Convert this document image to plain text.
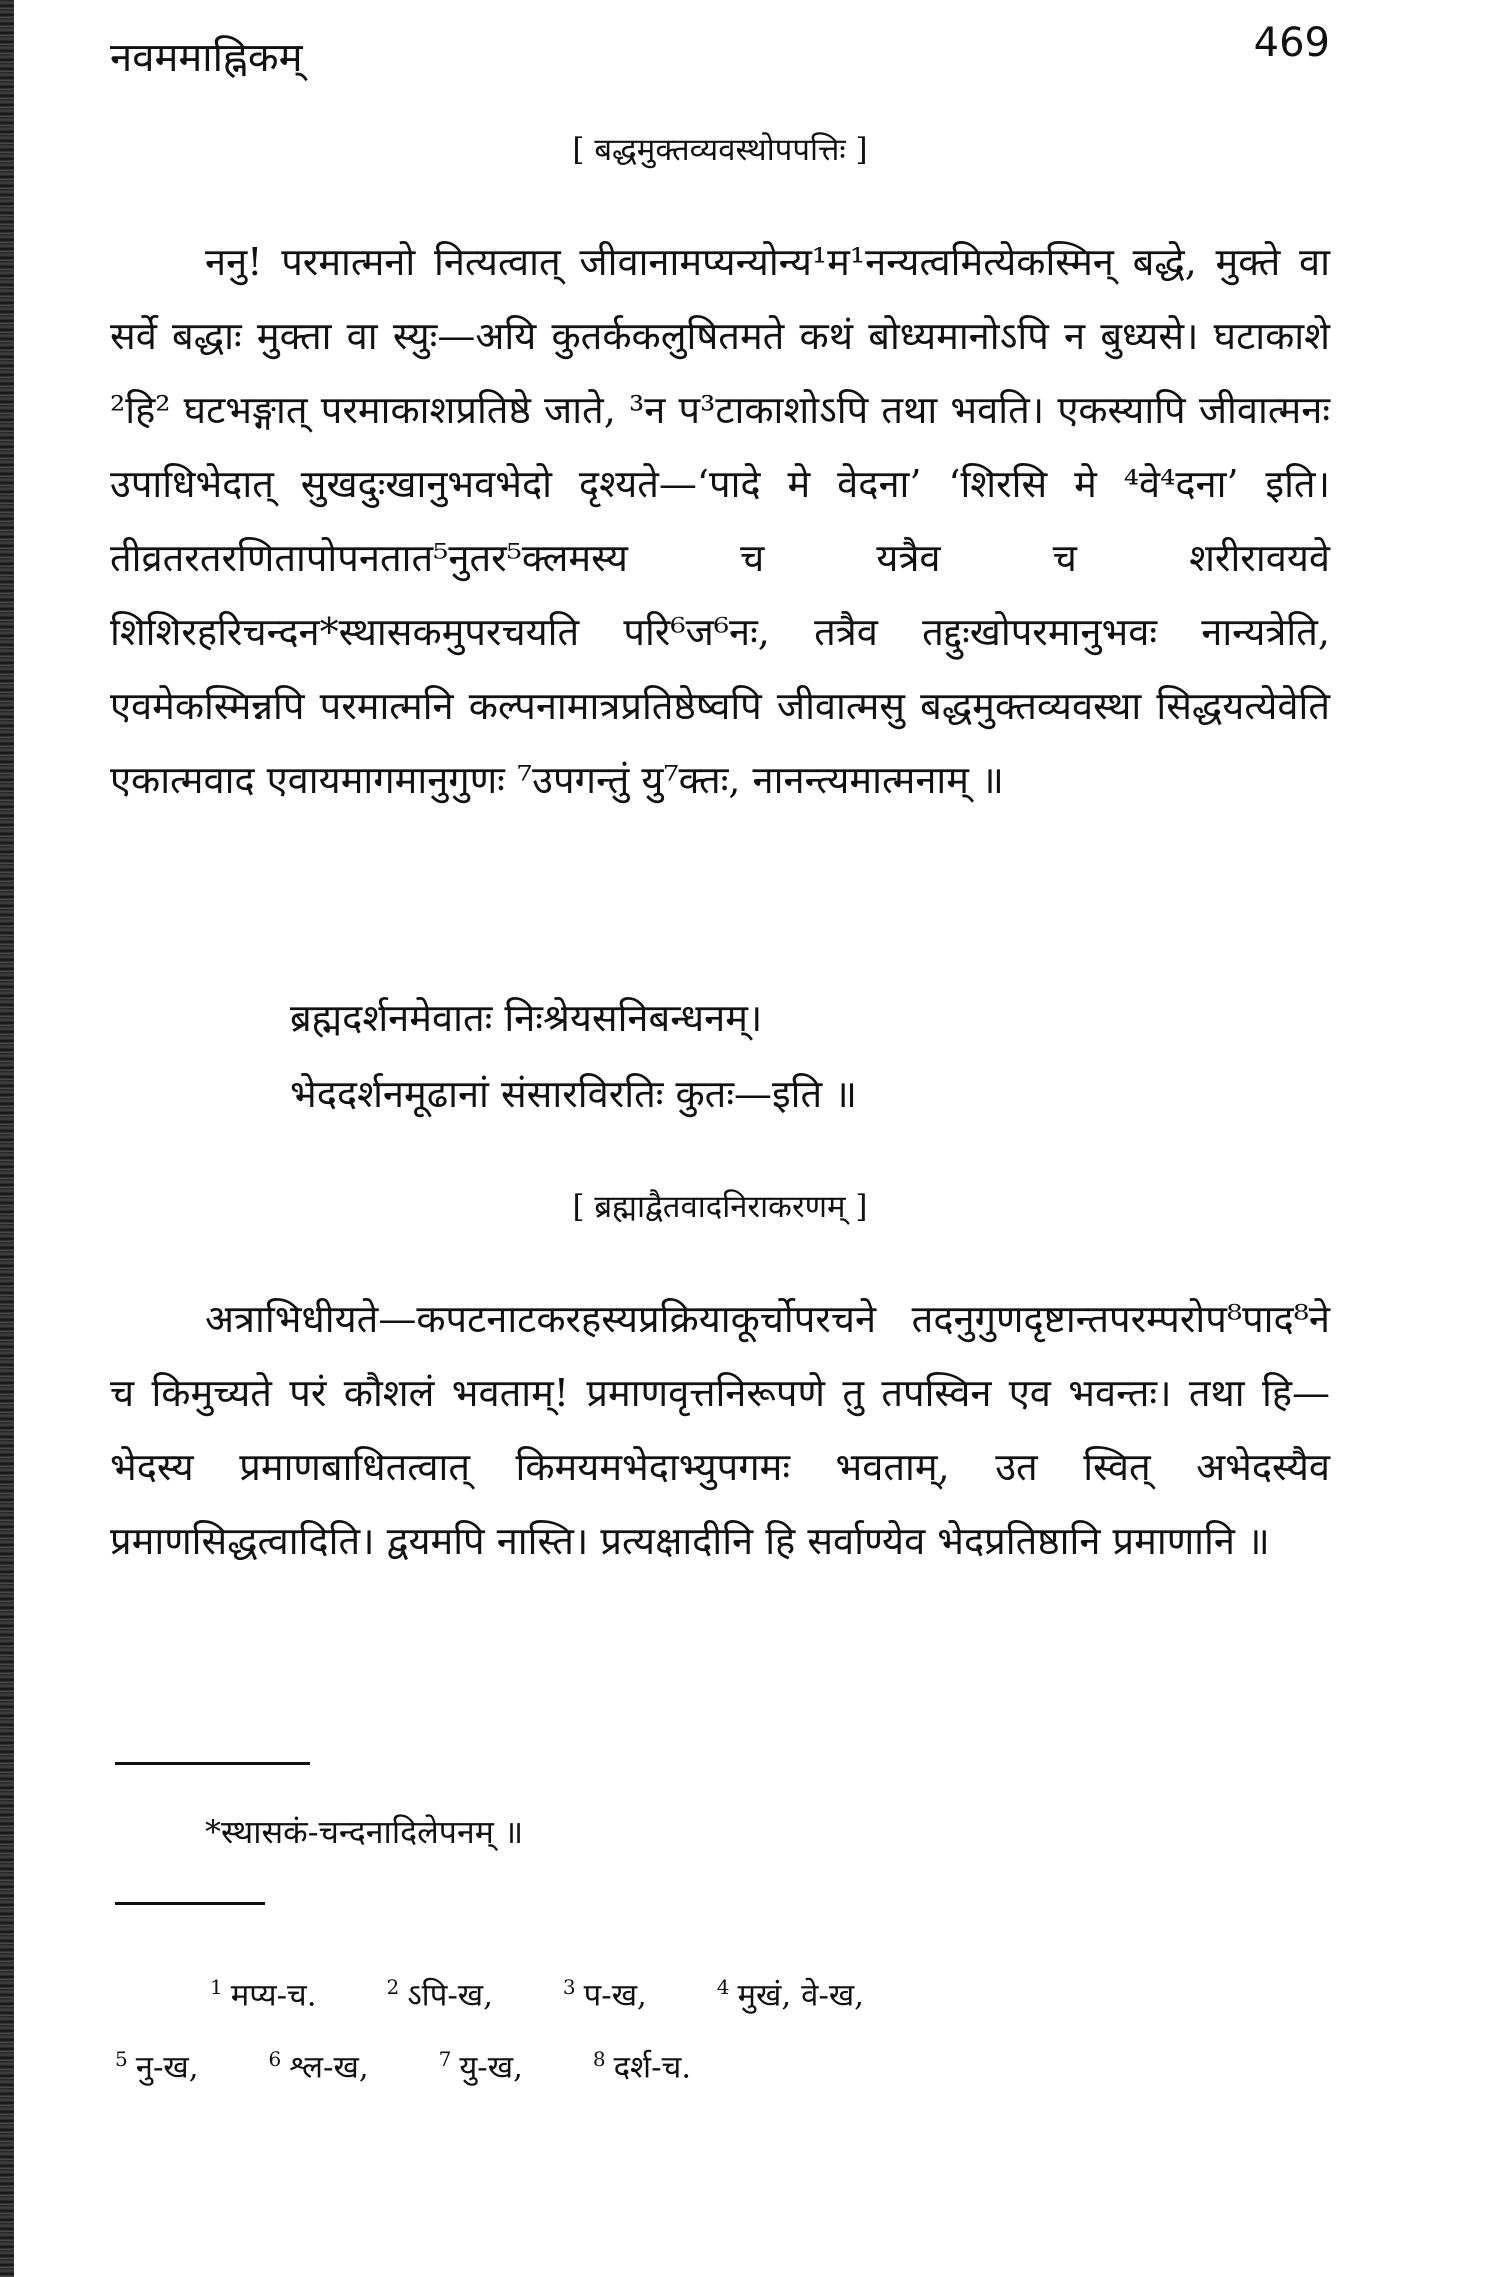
नवममाह्निकम्	469
[ बद्धमुक्तव्यवस्थोपपत्तिः ]

ननु! परमात्मनो नित्यत्वात् जीवानामप्यन्योन्य¹म¹नन्यत्वमित्येकस्मिन् बद्धे, मुक्ते वा सर्वे बद्धाः मुक्ता वा स्युः—अयि कुतर्ककलुषितमते कथं बोध्यमानोऽपि न बुध्यसे। घटाकाशे ²हि² घटभङ्गात् परमाकाशप्रतिष्ठे जाते, ³न प³टाकाशोऽपि तथा भवति। एकस्यापि जीवात्मनः उपाधिभेदात् सुखदुःखानुभवभेदो दृश्यते—‘पादे मे वेदना’ ‘शिरसि मे ⁴वे⁴दना’ इति। तीव्रतरतरणितापोपनतात⁵नुतर⁵क्लमस्य च यत्रैव च शरीरावयवे शिशिरहरिचन्दन*स्थासकमुपरचयति परि⁶ज⁶नः, तत्रैव तद्दुःखोपरमानुभवः नान्यत्रेति, एवमेकस्मिन्नपि परमात्मनि कल्पनामात्रप्रतिष्ठेष्वपि जीवात्मसु बद्धमुक्तव्यवस्था सिद्धयत्येवेति एकात्मवाद एवायमागमानुगुणः ⁷उपगन्तुं यु⁷क्तः, नानन्त्यमात्मनाम् ॥

ब्रह्मदर्शनमेवातः निःश्रेयसनिबन्धनम्।
भेददर्शनमूढानां संसारविरतिः कुतः—इति ॥
[ ब्रह्माद्वैतवादनिराकरणम् ]

अत्राभिधीयते—कपटनाटकरहस्यप्रक्रियाकूर्चोपरचने तदनुगुणदृष्टान्तपरम्परोप⁸पाद⁸ने च किमुच्यते परं कौशलं भवताम्! प्रमाणवृत्तनिरूपणे तु तपस्विन एव भवन्तः। तथा हि—भेदस्य प्रमाणबाधितत्वात् किमयमभेदाभ्युपगमः भवताम्, उत स्वित् अभेदस्यैव प्रमाणसिद्धत्वादिति। द्वयमपि नास्ति। प्रत्यक्षादीनि हि सर्वाण्येव भेदप्रतिष्ठानि प्रमाणानि ॥

*स्थासकं-चन्दनादिलेपनम् ॥
$^1$ मप्य-च.	$^2$ ऽपि-ख,	$^3$ प-ख,	$^4$ मुखं, वे-ख,
$^5$ नु-ख,	$^6$ श्ल-ख,	$^7$ यु-ख,	$^8$ दर्श-च.
